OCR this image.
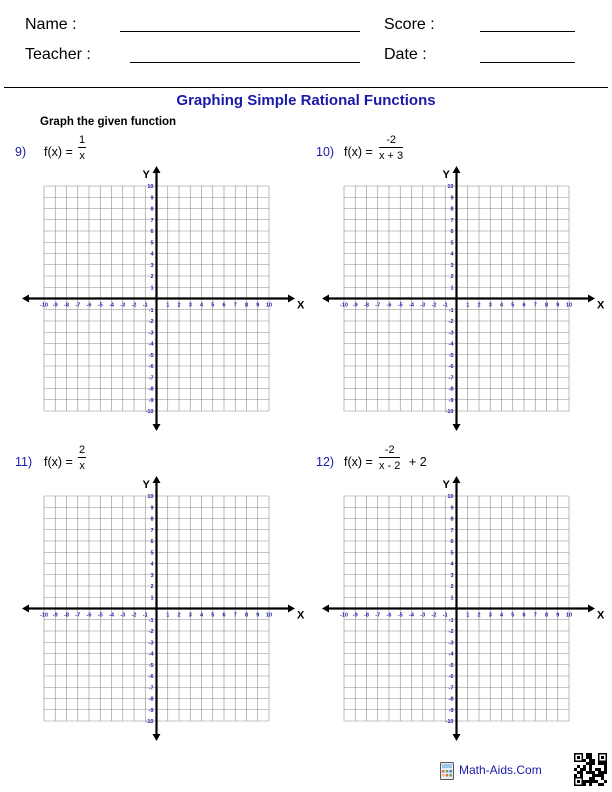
Name :	Score :
Teacher :	Date :
Graphing Simple Rational Functions
Graph the given function
9) $f(x) = \frac{1}{x}$	10) $f(x) = \frac{-2}{x + 3}$
11) $f(x) = \frac{2}{x}$	12) $f(x) = \frac{-2}{x - 2} + 2$
X
Y
-10 -9 -8 -7 -6 -5 -4 -3 -2 -1	1 2 3 4 5 6 7 8 9 10
10
9
8
7
6
5
4
3
2
1
-1
-2
-3
-4
-5
-6
-7
-8
-9
-10
X
Y
-10 -9 -8 -7 -6 -5 -4 -3 -2 -1	1 2 3 4 5 6 7 8 9 10
10
9
8
7
6
5
4
3
2
1
-1
-2
-3
-4
-5
-6
-7
-8
-9
-10
X
Y
-10 -9 -8 -7 -6 -5 -4 -3 -2 -1	1 2 3 4 5 6 7 8 9 10
10
9
8
7
6
5
4
3
2
1
-1
-2
-3
-4
-5
-6
-7
-8
-9
-10
X
Y
-10 -9 -8 -7 -6 -5 -4 -3 -2 -1	1 2 3 4 5 6 7 8 9 10
10
9
8
7
6
5
4
3
2
1
-1
-2
-3
-4
-5
-6
-7
-8
-9
-10
Math-Aids.Com
